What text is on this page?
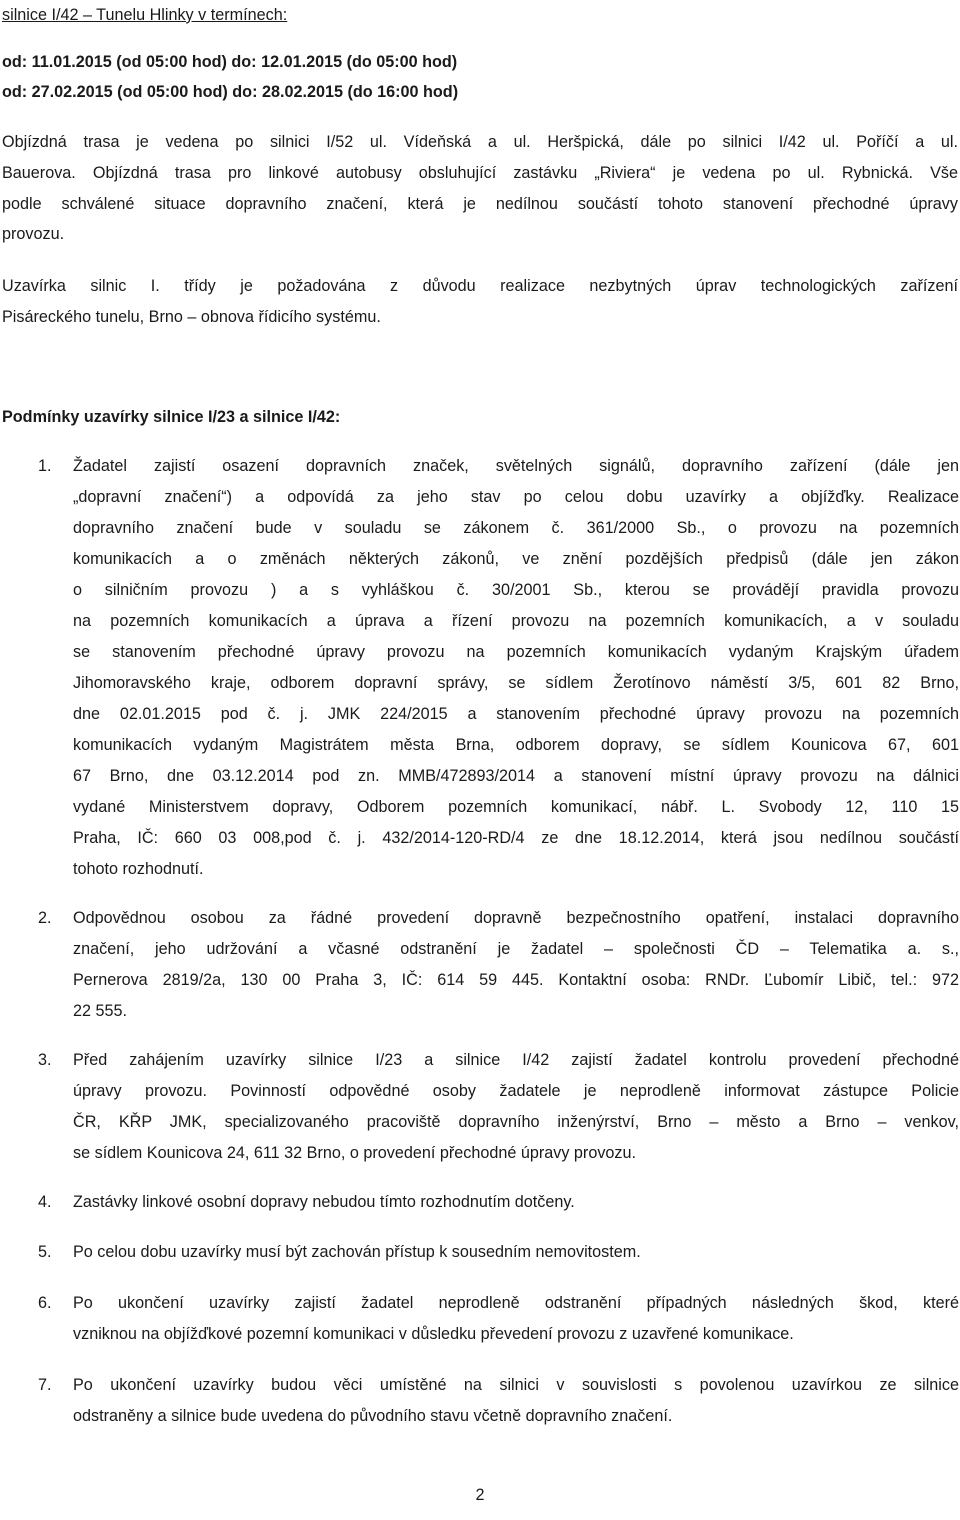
silnice I/42 – Tunelu Hlinky v termínech:
od: 11.01.2015 (od 05:00 hod) do: 12.01.2015 (do 05:00 hod)
od: 27.02.2015 (od 05:00 hod) do: 28.02.2015 (do 16:00 hod)
Objízdná trasa je vedena po silnici I/52 ul. Vídeňská a ul. Heršpická, dále po silnici I/42 ul. Poříčí a ul.
Bauerova. Objízdná trasa pro linkové autobusy obsluhující zastávku „Riviera“ je vedena po ul. Rybnická. Vše
podle schválené situace dopravního značení, která je nedílnou součástí tohoto stanovení přechodné úpravy
provozu.
Uzavírka silnic I. třídy je požadována z důvodu realizace nezbytných úprav technologických zařízení
Pisáreckého tunelu, Brno – obnova řídicího systému.
Podmínky uzavírky silnice I/23 a silnice I/42:
1. Žadatel zajistí osazení dopravních značek, světelných signálů, dopravního zařízení (dále jen
„dopravní značení“) a odpovídá za jeho stav po celou dobu uzavírky a objížďky. Realizace
dopravního značení bude v souladu se zákonem č. 361/2000 Sb., o provozu na pozemních
komunikacích a o změnách některých zákonů, ve znění pozdějších předpisů (dále jen zákon
o silničním provozu ) a s vyhláškou č. 30/2001 Sb., kterou se provádějí pravidla provozu
na pozemních komunikacích a úprava a řízení provozu na pozemních komunikacích, a v souladu
se stanovením přechodné úpravy provozu na pozemních komunikacích vydaným Krajským úřadem
Jihomoravského kraje, odborem dopravní správy, se sídlem Žerotínovo náměstí 3/5, 601 82 Brno,
dne 02.01.2015 pod č. j. JMK 224/2015 a stanovením přechodné úpravy provozu na pozemních
komunikacích vydaným Magistrátem města Brna, odborem dopravy, se sídlem Kounicova 67, 601
67 Brno, dne 03.12.2014 pod zn. MMB/472893/2014 a stanovení místní úpravy provozu na dálnici
vydané Ministerstvem dopravy, Odborem pozemních komunikací, nábř. L. Svobody 12, 110 15
Praha, IČ: 660 03 008,pod č. j. 432/2014-120-RD/4 ze dne 18.12.2014, která jsou nedílnou součástí
tohoto rozhodnutí.
2. Odpovědnou osobou za řádné provedení dopravně bezpečnostního opatření, instalaci dopravního
značení, jeho udržování a včasné odstranění je žadatel – společnosti ČD – Telematika a. s.,
Pernerova 2819/2a, 130 00 Praha 3, IČ: 614 59 445. Kontaktní osoba: RNDr. Ľubomír Libič, tel.: 972
22 555.
3. Před zahájením uzavírky silnice I/23 a silnice I/42 zajistí žadatel kontrolu provedení přechodné
úpravy provozu. Povinností odpovědné osoby žadatele je neprodleně informovat zástupce Policie
ČR, KŘP JMK, specializovaného pracoviště dopravního inženýrství, Brno – město a Brno – venkov,
se sídlem Kounicova 24, 611 32 Brno, o provedení přechodné úpravy provozu.
4. Zastávky linkové osobní dopravy nebudou tímto rozhodnutím dotčeny.
5. Po celou dobu uzavírky musí být zachován přístup k sousedním nemovitostem.
6. Po ukončení uzavírky zajistí žadatel neprodleně odstranění případných následných škod, které
vzniknou na objížďkové pozemní komunikaci v důsledku převedení provozu z uzavřené komunikace.
7. Po ukončení uzavírky budou věci umístěné na silnici v souvislosti s povolenou uzavírkou ze silnice
odstraněny a silnice bude uvedena do původního stavu včetně dopravního značení.
2
